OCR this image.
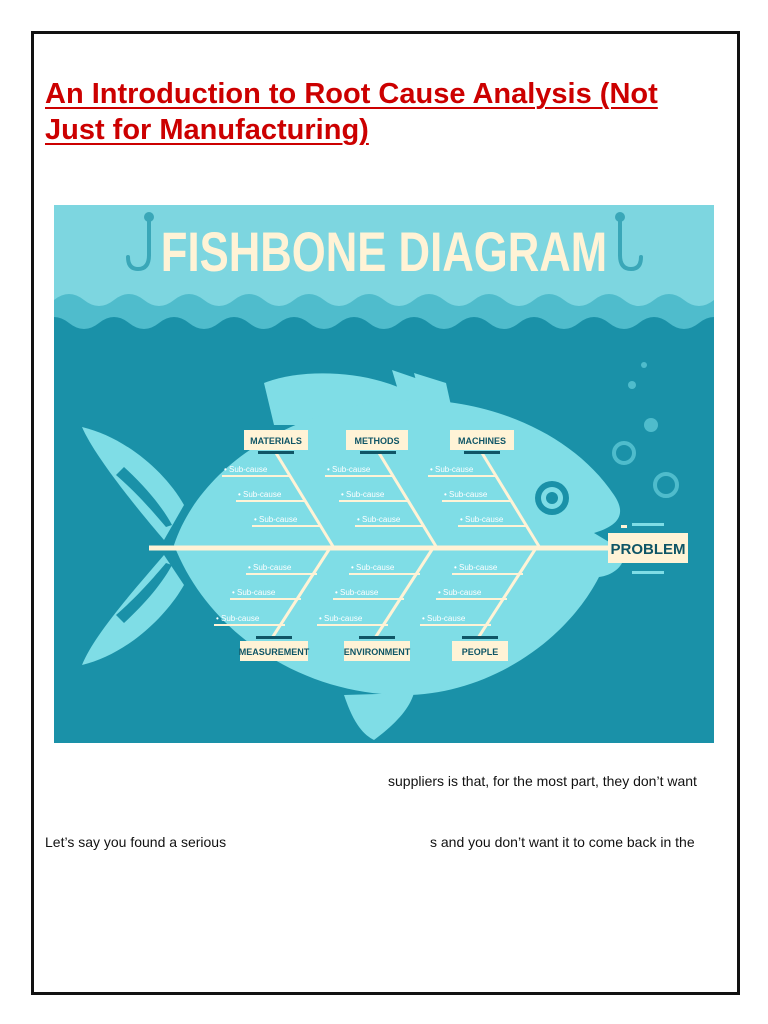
An Introduction to Root Cause Analysis (Not Just for Manufacturing)
FISHBONE DIAGRAM
• Sub-cause
• Sub-cause
• Sub-cause
• Sub-cause
• Sub-cause
• Sub-cause
• Sub-cause
• Sub-cause
• Sub-cause
• Sub-cause
• Sub-cause
• Sub-cause
• Sub-cause
• Sub-cause
• Sub-cause
• Sub-cause
• Sub-cause
• Sub-cause
MATERIALS	METHODS	MACHINES
MEASUREMENT	ENVIRONMENT	PEOPLE
PROBLEM

suppliers is that, for the most part, they don’t want

Let’s say you found a serious	s and you don’t want it to come back in the
